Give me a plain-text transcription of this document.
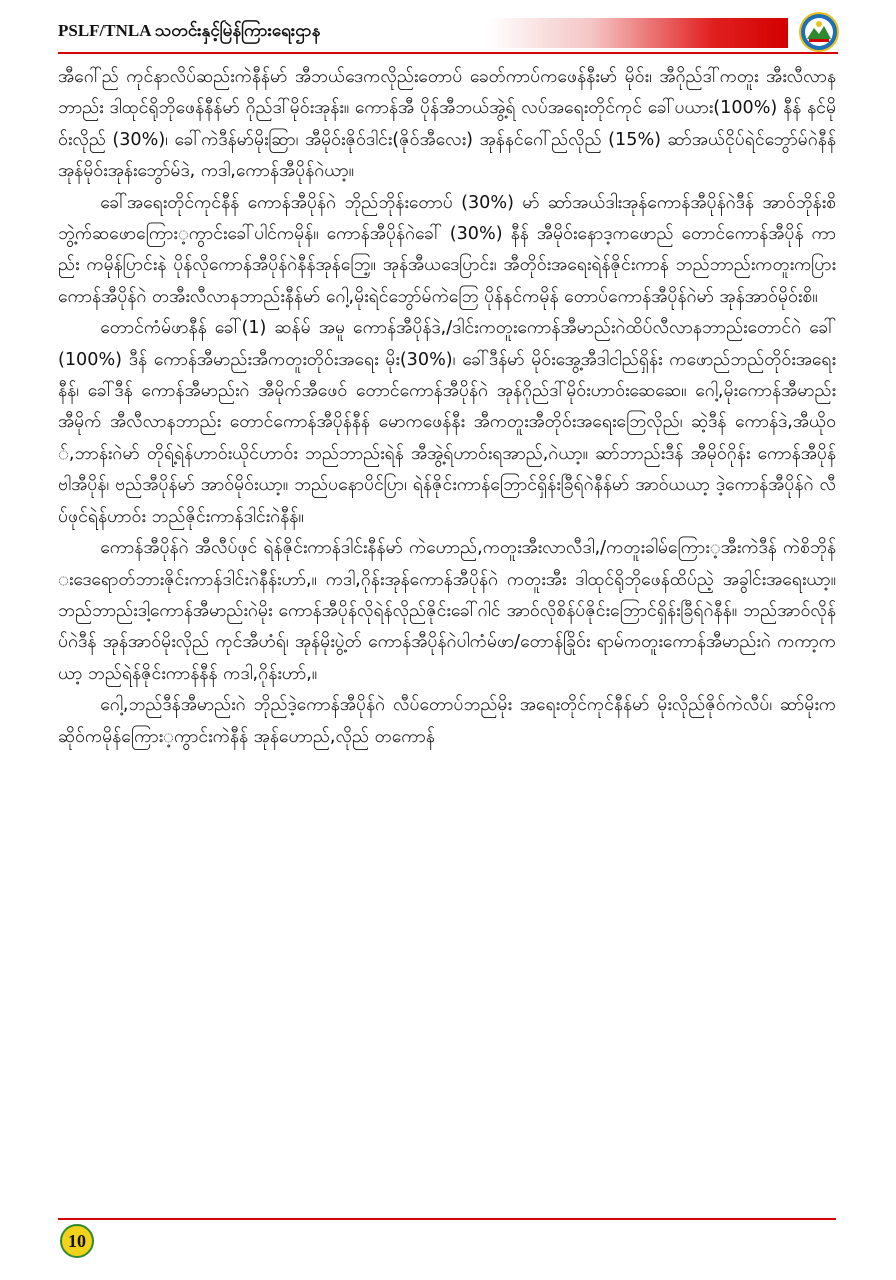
PSLF/TNLA သတင်းနှင့်မြဲန်ကြားရေးဌာန

အီဂေါ်ည် ကုင်နာလိပ်ဆည်းကဲနီန်မာ် အီဘယ်ဒေကလိုည်းတောပ် ခေတ်ကာပ်ကဖေန်နီးမာ် မိုဝ်း၊ အီဂိုည်ဒါ်ကတူး အီးလီလာနဘာည်း ဒါထုင်ရိုဘိုဖေန်နီန်မာ် ဂိုည်ဒါ်မိုဝ်းအုန်း။ ကောန်အီ ပိုန်အီဘယ်အွဲ့ရ် လပ်အရေးတိုင်ကုင် ခေါ်ပယား(100%) နီန် နင်မိုဝ်းလိုည် (30%)၊ ခေါ်ကဲဒီန်မာ်မိုးဆြာ၊ အီမိုဝ်းဇိုဝ်ဒါင်း(ဇိုဝ်အီလေး) အုန်နင်ဂေါ်ည်လိုည် (15%) ဆာ်အယ်ငိုပ်ရဲင်ဘွော်မ်ဂဲနီန် အုန်မိုဝ်းအုန်းဘွော်မ်ဒဲ, ကဒါ,ကောန်အီပိုန်ဂဲယာ့။

ခေါ်အရေးတိုင်ကုင်နီန် ကောန်အီပိုန်ဂဲ ဘိုည်ဘိုန်းတောပ် (30%) မာ် ဆာ်အယ်ဒါးအုန်ကောန်အီပိုန်ဂဲဒီန် အာဝ်ဘိုန်းစိ ဘွဲ့က်ဆဖောကြေား့ကွာင်းခေါ်ပါင်ကမိုန်။ ကောန်အီပိုန်ဂဲခေါ် (30%) နီန် အီမိုဝ်းနောဒ့ကဖောည် တောင်ကောန်အီပိုန် ကာည်း ကမိုန်ပြာင်းနဲ ပိုန်လိုကောန်အီပိုန်ဂဲနီန်အုန်ဘြေ့။ အုန်အီယဒေပြာင်း၊ အီတိုဝ်းအရေးရဲန်ဇိုင်းကာန် ဘည်ဘာည်းကတူးကပြား ကောန်အီပိုန်ဂဲ တအီးလီလာနဘာည်းနီန်မာ် ဂေါ့,မိုးရဲင်ဘွော်မ်ကဲဘြေ ပိုန်နင်ကမိုန် တောပ်ကောန်အီပိုန်ဂဲမာ် အုန်အာဝ်မိုဝ်းစိ။

တောင်ကံမ်ဖာနီန် ခေါ်(1) ဆန်မ် အမူ ကောန်အီပိုန်ဒဲ,/ဒါင်းကတူးကောန်အီမာည်းဂဲထိပ်လီလာနဘာည်းတောင်ဂဲ ခေါ် (100%) ဒီန် ကောန်အီမာည်းအီကတူးတိုဝ်းအရေး မိုး(30%)၊ ခေါ်ဒီန်မာ် မိုဝ်းအွေ့အီဒါငါည်ရှိန်း ကဖောည်ဘည်တိုဝ်းအရေးနီန်၊ ခေါ်ဒီန် ကောန်အီမာည်းဂဲ အီမိုက်အီဖေဝ် တောင်ကောန်အီပိုန်ဂဲ အုန်ဂိုည်ဒါ်မိုဝ်းဟာဝ်းဆေဆေ။ ဂေါ့,မိုးကောန်အီမာည်း အီမိုက် အီလီလာနဘာည်း တောင်ကောန်အီပိုန်နီန် မောကဖေန်နီး အီကတူးအီတိုဝ်းအရေးဘြေလိုည်၊ ဆဲ့ဒီန် ကောန်ဒဲ,အီယိုဝ်,ဘာန်းဂဲမာ် တိုရ့်ရဲန်ဟာဝ်းယိုင်ဟာဝ်း ဘည်ဘာည်းရဲန် အီအွဲ့ရ်ဟာဝ်းရအာည်,ဂဲယာ့။ ဆာ်ဘာည်းဒီန် အီမိုဝ်ဂိုန်း ကောန်အီပိုန် ဗါအီပိုန်၊ ဗည်အီပိုန်မာ် အာဝ်မိုဝ်းယာ့။ ဘည်ပနောပိင်ပြာ၊ ရဲန်ဇိုင်းကာန်ဘြောင်ရှိန်းခြီရ်ဂဲနီန်မာ် အာဝ်ယယာ့ ဒဲ့ကောန်အီပိုန်ဂဲ လီပ်ဖုင်ရဲန်ဟာဝ်း ဘည်ဇိုင်းကာန်ဒါင်းဂဲနီန်။

ကောန်အီပိုန်ဂဲ အီလီပ်ဖုင် ရဲန်ဇိုင်းကာန်ဒါင်းနီန်မာ် ကဲဟောည်,ကတူးအီးလာလီဒါ,/ကတူးခါမ်ကြေား့အီးကဲဒီန် ကဲစိဘိုန်းဒေရောတ်ဘားဇိုင်းကာန်ဒါင်းဂဲနီန်းဟာ်,။ ကဒါ,ဂိုန်းအုန်ကောန်အီပိုန်ဂဲ ကတူးအီး ဒါထုင်ရိုဘိုဖေန်ထိပ်ညဲ့ အခွါင်းအရေးယာ့။ ဘည်ဘာည်းဒါ့ကောန်အီမာည်းဂဲမိုး ကောန်အီပိုန်လိုရဲန်လိုည်ဇိုင်းခေါ်ဂါင် အာဝ်လိုစိန်ပ်ဇိုင်းဘြောင်ရှိန်းခြီရ်ဂဲနီန်။ ဘည်အာဝ်လိုန်ပ်ဂဲဒီန် အုန်အာဝ်မိုးလိုည် ကုင်အီဟံရ်၊ အုန်မိုးပွဲ့တ် ကောန်အီပိုန်ဂဲပါကံမ်ဖာ/တောန်ခြိုဝ်း ရာမ်ကတူးကောန်အီမာည်းဂဲ ကကာ့ကယာ့ ဘည်ရဲန်ဇိုင်းကာန်နီန် ကဒါ,ဂိုန်းဟာ်,။

ဂေါ့,ဘည်ဒီန်အီမာည်းဂဲ ဘိုည်ဒဲ့ကောန်အီပိုန်ဂဲ လီပ်တောပ်ဘည်မိုး အရေးတိုင်ကုင်နီန်မာ် မိုးလိုည်ဇိုဝ်ကဲလီပ်၊ ဆာ်မိုးကဆိုဝ်ကမိုန်ကြေား့ကွာင်းကဲနီန် အုန်ဟောည်,လိုည် တကောန်

10
